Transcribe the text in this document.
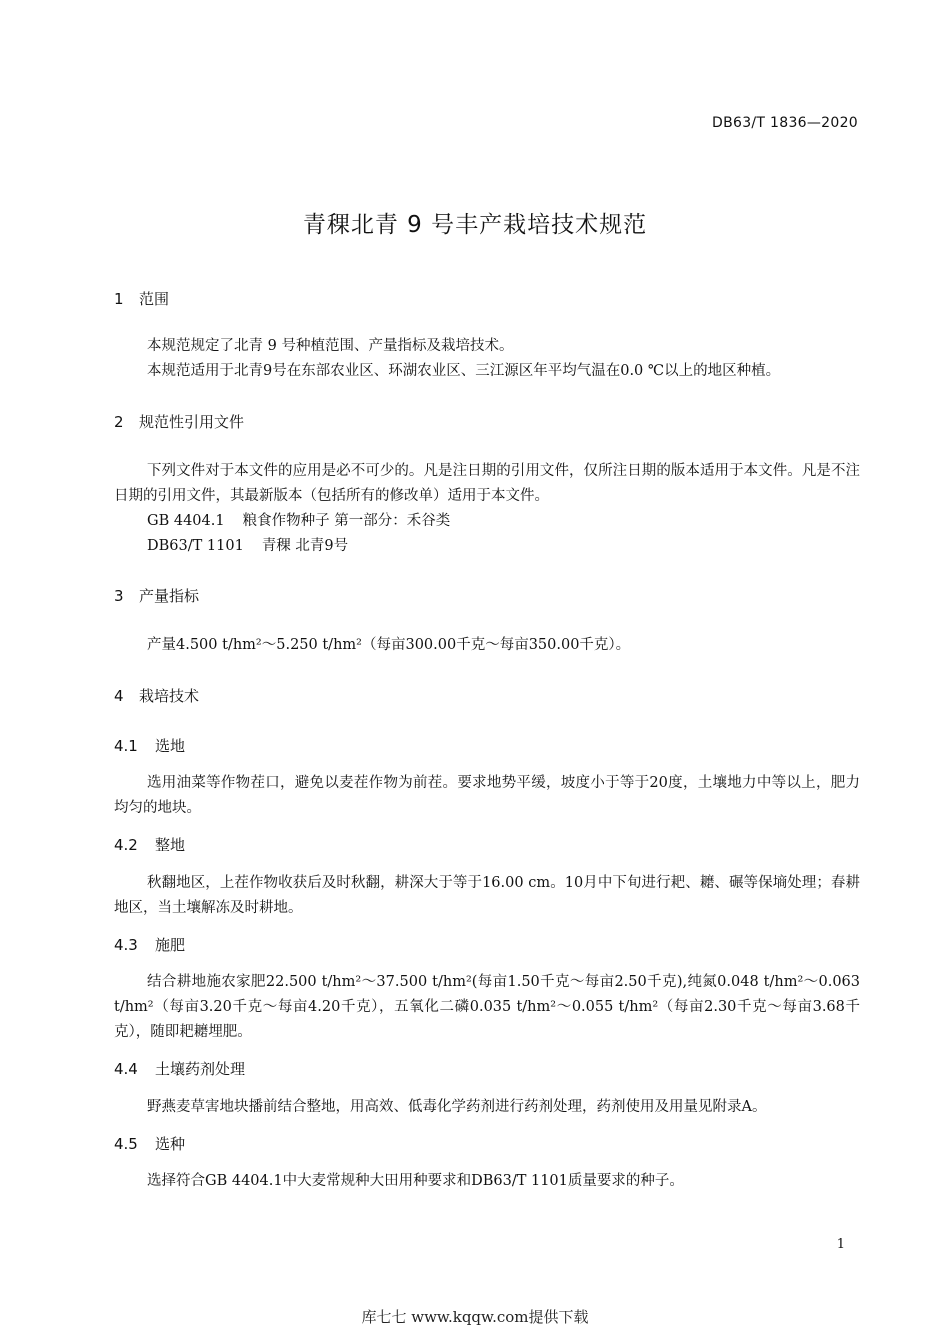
DB63/T 1836—2020
青稞北青 9 号丰产栽培技术规范
1 范围

本规范规定了北青 9 号种植范围、产量指标及栽培技术。

本规范适用于北青9号在东部农业区、环湖农业区、三江源区年平均气温在0.0 ℃以上的地区种植。

2 规范性引用文件

下列文件对于本文件的应用是必不可少的。凡是注日期的引用文件，仅所注日期的版本适用于本文件。凡是不注日期的引用文件，其最新版本（包括所有的修改单）适用于本文件。

GB 4404.1 粮食作物种子 第一部分：禾谷类

DB63/T 1101 青稞 北青9号

3 产量指标

产量4.500 t/hm²～5.250 t/hm²（每亩300.00千克～每亩350.00千克）。

4 栽培技术
4.1 选地

选用油菜等作物茬口，避免以麦茬作物为前茬。要求地势平缓，坡度小于等于20度，土壤地力中等以上，肥力均匀的地块。

4.2 整地

秋翻地区，上茬作物收获后及时秋翻，耕深大于等于16.00 cm。10月中下旬进行耙、耱、碾等保墒处理；春耕地区，当土壤解冻及时耕地。

4.3 施肥

结合耕地施农家肥22.500 t/hm²～37.500 t/hm²(每亩1.50千克～每亩2.50千克),纯氮0.048 t/hm²～0.063 t/hm²（每亩3.20千克～每亩4.20千克），五氧化二磷0.035 t/hm²～0.055 t/hm²（每亩2.30千克～每亩3.68千克），随即耙耱埋肥。

4.4 土壤药剂处理

野燕麦草害地块播前结合整地，用高效、低毒化学药剂进行药剂处理，药剂使用及用量见附录A。

4.5 选种

选择符合GB 4404.1中大麦常规种大田用种要求和DB63/T 1101质量要求的种子。

1
库七七 www.kqqw.com提供下载
